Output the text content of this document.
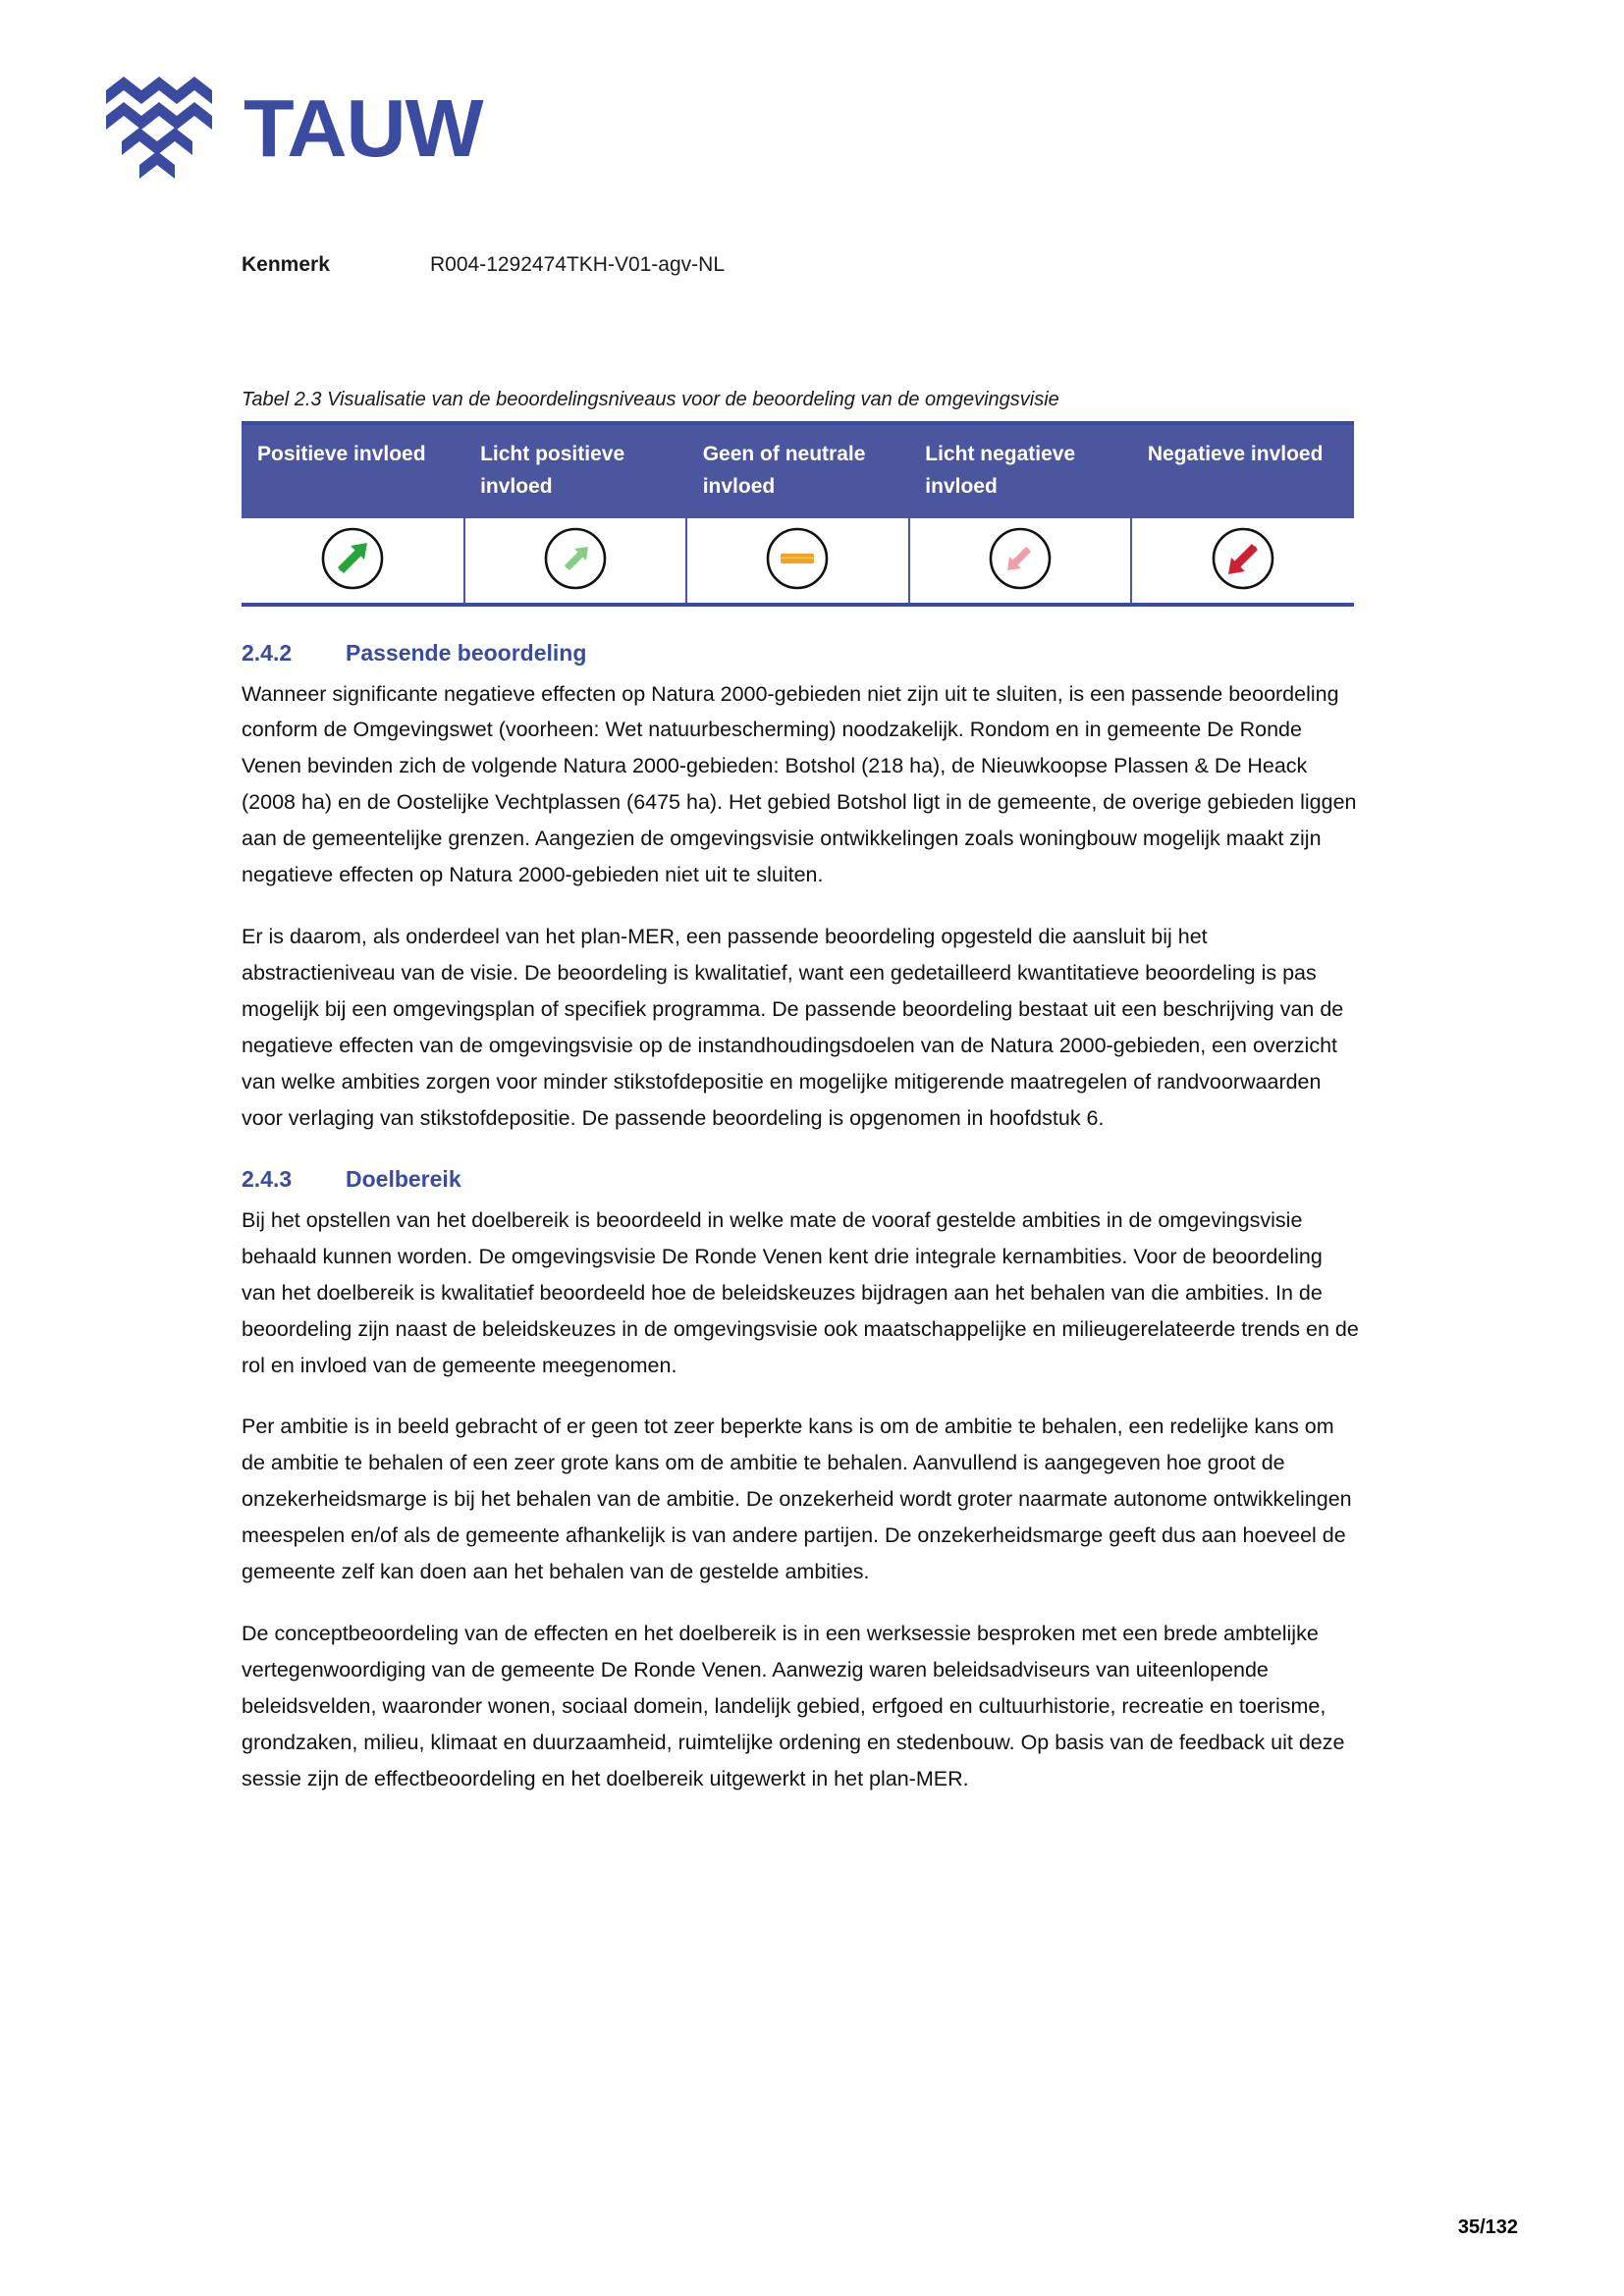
TAUW
Kenmerk	R004-1292474TKH-V01-agv-NL
Tabel 2.3 Visualisatie van de beoordelingsniveaus voor de beoordeling van de omgevingsvisie
Positieve invloed	Licht positieve invloed	Geen of neutrale invloed	Licht negatieve invloed	Negatieve invloed

2.4.2	Passende beoordeling

Wanneer significante negatieve effecten op Natura 2000-gebieden niet zijn uit te sluiten, is een passende beoordeling conform de Omgevingswet (voorheen: Wet natuurbescherming) noodzakelijk. Rondom en in gemeente De Ronde Venen bevinden zich de volgende Natura 2000-gebieden: Botshol (218 ha), de Nieuwkoopse Plassen & De Heack (2008 ha) en de Oostelijke Vechtplassen (6475 ha). Het gebied Botshol ligt in de gemeente, de overige gebieden liggen aan de gemeentelijke grenzen. Aangezien de omgevingsvisie ontwikkelingen zoals woningbouw mogelijk maakt zijn negatieve effecten op Natura 2000-gebieden niet uit te sluiten.

Er is daarom, als onderdeel van het plan-MER, een passende beoordeling opgesteld die aansluit bij het abstractieniveau van de visie. De beoordeling is kwalitatief, want een gedetailleerd kwantitatieve beoordeling is pas mogelijk bij een omgevingsplan of specifiek programma. De passende beoordeling bestaat uit een beschrijving van de negatieve effecten van de omgevingsvisie op de instandhoudingsdoelen van de Natura 2000-gebieden, een overzicht van welke ambities zorgen voor minder stikstofdepositie en mogelijke mitigerende maatregelen of randvoorwaarden voor verlaging van stikstofdepositie. De passende beoordeling is opgenomen in hoofdstuk 6.

2.4.3	Doelbereik

Bij het opstellen van het doelbereik is beoordeeld in welke mate de vooraf gestelde ambities in de omgevingsvisie behaald kunnen worden. De omgevingsvisie De Ronde Venen kent drie integrale kernambities. Voor de beoordeling van het doelbereik is kwalitatief beoordeeld hoe de beleidskeuzes bijdragen aan het behalen van die ambities. In de beoordeling zijn naast de beleidskeuzes in de omgevingsvisie ook maatschappelijke en milieugerelateerde trends en de rol en invloed van de gemeente meegenomen.

Per ambitie is in beeld gebracht of er geen tot zeer beperkte kans is om de ambitie te behalen, een redelijke kans om de ambitie te behalen of een zeer grote kans om de ambitie te behalen. Aanvullend is aangegeven hoe groot de onzekerheidsmarge is bij het behalen van de ambitie. De onzekerheid wordt groter naarmate autonome ontwikkelingen meespelen en/of als de gemeente afhankelijk is van andere partijen. De onzekerheidsmarge geeft dus aan hoeveel de gemeente zelf kan doen aan het behalen van de gestelde ambities.

De conceptbeoordeling van de effecten en het doelbereik is in een werksessie besproken met een brede ambtelijke vertegenwoordiging van de gemeente De Ronde Venen. Aanwezig waren beleidsadviseurs van uiteenlopende beleidsvelden, waaronder wonen, sociaal domein, landelijk gebied, erfgoed en cultuurhistorie, recreatie en toerisme, grondzaken, milieu, klimaat en duurzaamheid, ruimtelijke ordening en stedenbouw. Op basis van de feedback uit deze sessie zijn de effectbeoordeling en het doelbereik uitgewerkt in het plan-MER.

35/132
